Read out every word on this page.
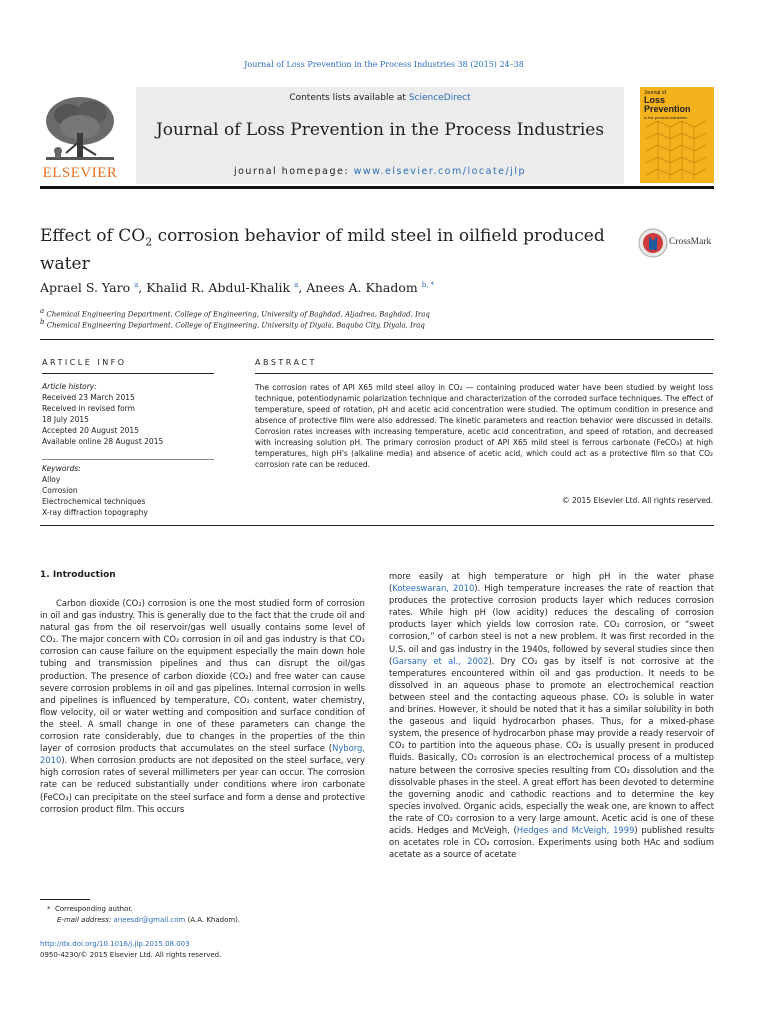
Journal of Loss Prevention in the Process Industries 38 (2015) 24–38
ELSEVIER
Contents lists available at ScienceDirect
Journal of Loss Prevention in the Process Industries
journal homepage: www.elsevier.com/locate/jlp
Journal of
Loss
Prevention
in the process industries
Effect of $CO_2$ corrosion behavior of mild steel in oilfield produced water
CrossMark
Aprael S. Yaro $^a$, Khalid R. Abdul-Khalik $^a$, Anees A. Khadom $^{b, *}$
$^a$ Chemical Engineering Department, College of Engineering, University of Baghdad, Aljadrea, Baghdad, Iraq
$^b$ Chemical Engineering Department, College of Engineering, University of Diyala, Baquba City, Diyala, Iraq
ARTICLE INFO	ABSTRACT
Article history:
Received 23 March 2015
Received in revised form
18 July 2015
Accepted 20 August 2015
Available online 28 August 2015
Keywords:
Alloy
Corrosion
Electrochemical techniques
X-ray diffraction topography
The corrosion rates of API X65 mild steel alloy in CO₂ — containing produced water have been studied by weight loss technique, potentiodynamic polarization technique and characterization of the corroded surface techniques. The effect of temperature, speed of rotation, pH and acetic acid concentration were studied. The optimum condition in presence and absence of protective film were also addressed. The kinetic parameters and reaction behavior were discussed in details. Corrosion rates increases with increasing temperature, acetic acid concentration, and speed of rotation, and decreased with increasing solution pH. The primary corrosion product of API X65 mild steel is ferrous carbonate (FeCO₃) at high temperatures, high pH's (alkaline media) and absence of acetic acid, which could act as a protective film so that CO₂ corrosion rate can be reduced.
© 2015 Elsevier Ltd. All rights reserved.
1. Introduction

Carbon dioxide (CO₂) corrosion is one the most studied form of corrosion in oil and gas industry. This is generally due to the fact that the crude oil and natural gas from the oil reservoir/gas well usually contains some level of CO₂. The major concern with CO₂ corrosion in oil and gas industry is that CO₂ corrosion can cause failure on the equipment especially the main down hole tubing and transmission pipelines and thus can disrupt the oil/gas production. The presence of carbon dioxide (CO₂) and free water can cause severe corrosion problems in oil and gas pipelines. Internal corrosion in wells and pipelines is influenced by temperature, CO₂ content, water chemistry, flow velocity, oil or water wetting and composition and surface condition of the steel. A small change in one of these parameters can change the corrosion rate considerably, due to changes in the properties of the thin layer of corrosion products that accumulates on the steel surface (Nyborg, 2010). When corrosion products are not deposited on the steel surface, very high corrosion rates of several millimeters per year can occur. The corrosion rate can be reduced substantially under conditions where iron carbonate (FeCO₃) can precipitate on the steel surface and form a dense and protective corrosion product film. This occurs

more easily at high temperature or high pH in the water phase (Koteeswaran, 2010). High temperature increases the rate of reaction that produces the protective corrosion products layer which reduces corrosion rates. While high pH (low acidity) reduces the descaling of corrosion products layer which yields low corrosion rate. CO₂ corrosion, or “sweet corrosion,” of carbon steel is not a new problem. It was first recorded in the U.S. oil and gas industry in the 1940s, followed by several studies since then (Garsany et al., 2002). Dry CO₂ gas by itself is not corrosive at the temperatures encountered within oil and gas production. It needs to be dissolved in an aqueous phase to promote an electrochemical reaction between steel and the contacting aqueous phase. CO₂ is soluble in water and brines. However, it should be noted that it has a similar solubility in both the gaseous and liquid hydrocarbon phases. Thus, for a mixed-phase system, the presence of hydrocarbon phase may provide a ready reservoir of CO₂ to partition into the aqueous phase. CO₂ is usually present in produced fluids. Basically, CO₂ corrosion is an electrochemical process of a multistep nature between the corrosive species resulting from CO₂ dissolution and the dissolvable phases in the steel. A great effort has been devoted to determine the governing anodic and cathodic reactions and to determine the key species involved. Organic acids, especially the weak one, are known to affect the rate of CO₂ corrosion to a very large amount. Acetic acid is one of these acids. Hedges and McVeigh, (Hedges and McVeigh, 1999) published results on acetates role in CO₂ corrosion. Experiments using both HAc and sodium acetate as a source of acetate

* Corresponding author.
E-mail address: aneesdr@gmail.com (A.A. Khadom).
http://dx.doi.org/10.1016/j.jlp.2015.08.003
0950-4230/© 2015 Elsevier Ltd. All rights reserved.
